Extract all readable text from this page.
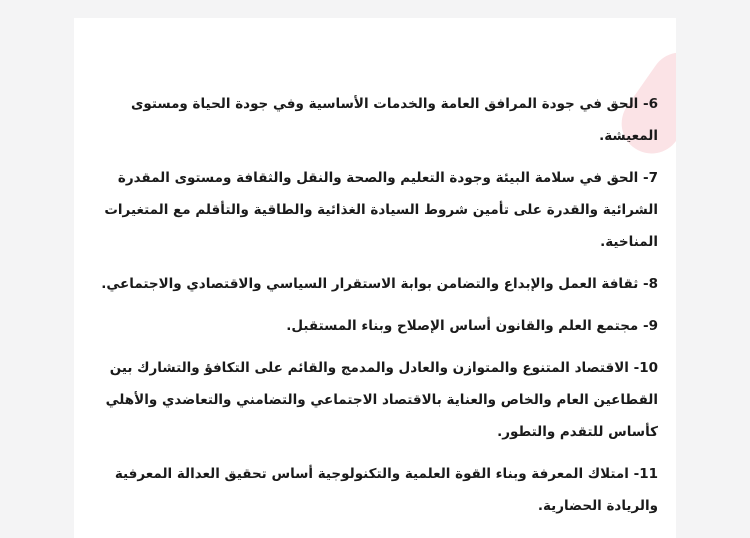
6- الحق في جودة المرافق العامة والخدمات الأساسية وفي جودة الحياة ومستوى المعيشة.

7- الحق في سلامة البيئة وجودة التعليم والصحة والنقل والثقافة ومستوى المقدرة الشرائية والقدرة على تأمين شروط السيادة الغذائية والطاقية والتأقلم مع المتغيرات المناخية.

8- ثقافة العمل والإبداع والتضامن بوابة الاستقرار السياسي والاقتصادي والاجتماعي.

9- مجتمع العلم والقانون أساس الإصلاح وبناء المستقبل.

10- الاقتصاد المتنوع والمتوازن والعادل والمدمج والقائم على التكافؤ والتشارك بين القطاعين العام والخاص والعناية بالاقتصاد الاجتماعي والتضامني والتعاضدي والأهلي كأساس للتقدم والتطور.

11- امتلاك المعرفة وبناء القوة العلمية والتكنولوجية أساس تحقيق العدالة المعرفية والريادة الحضارية.
